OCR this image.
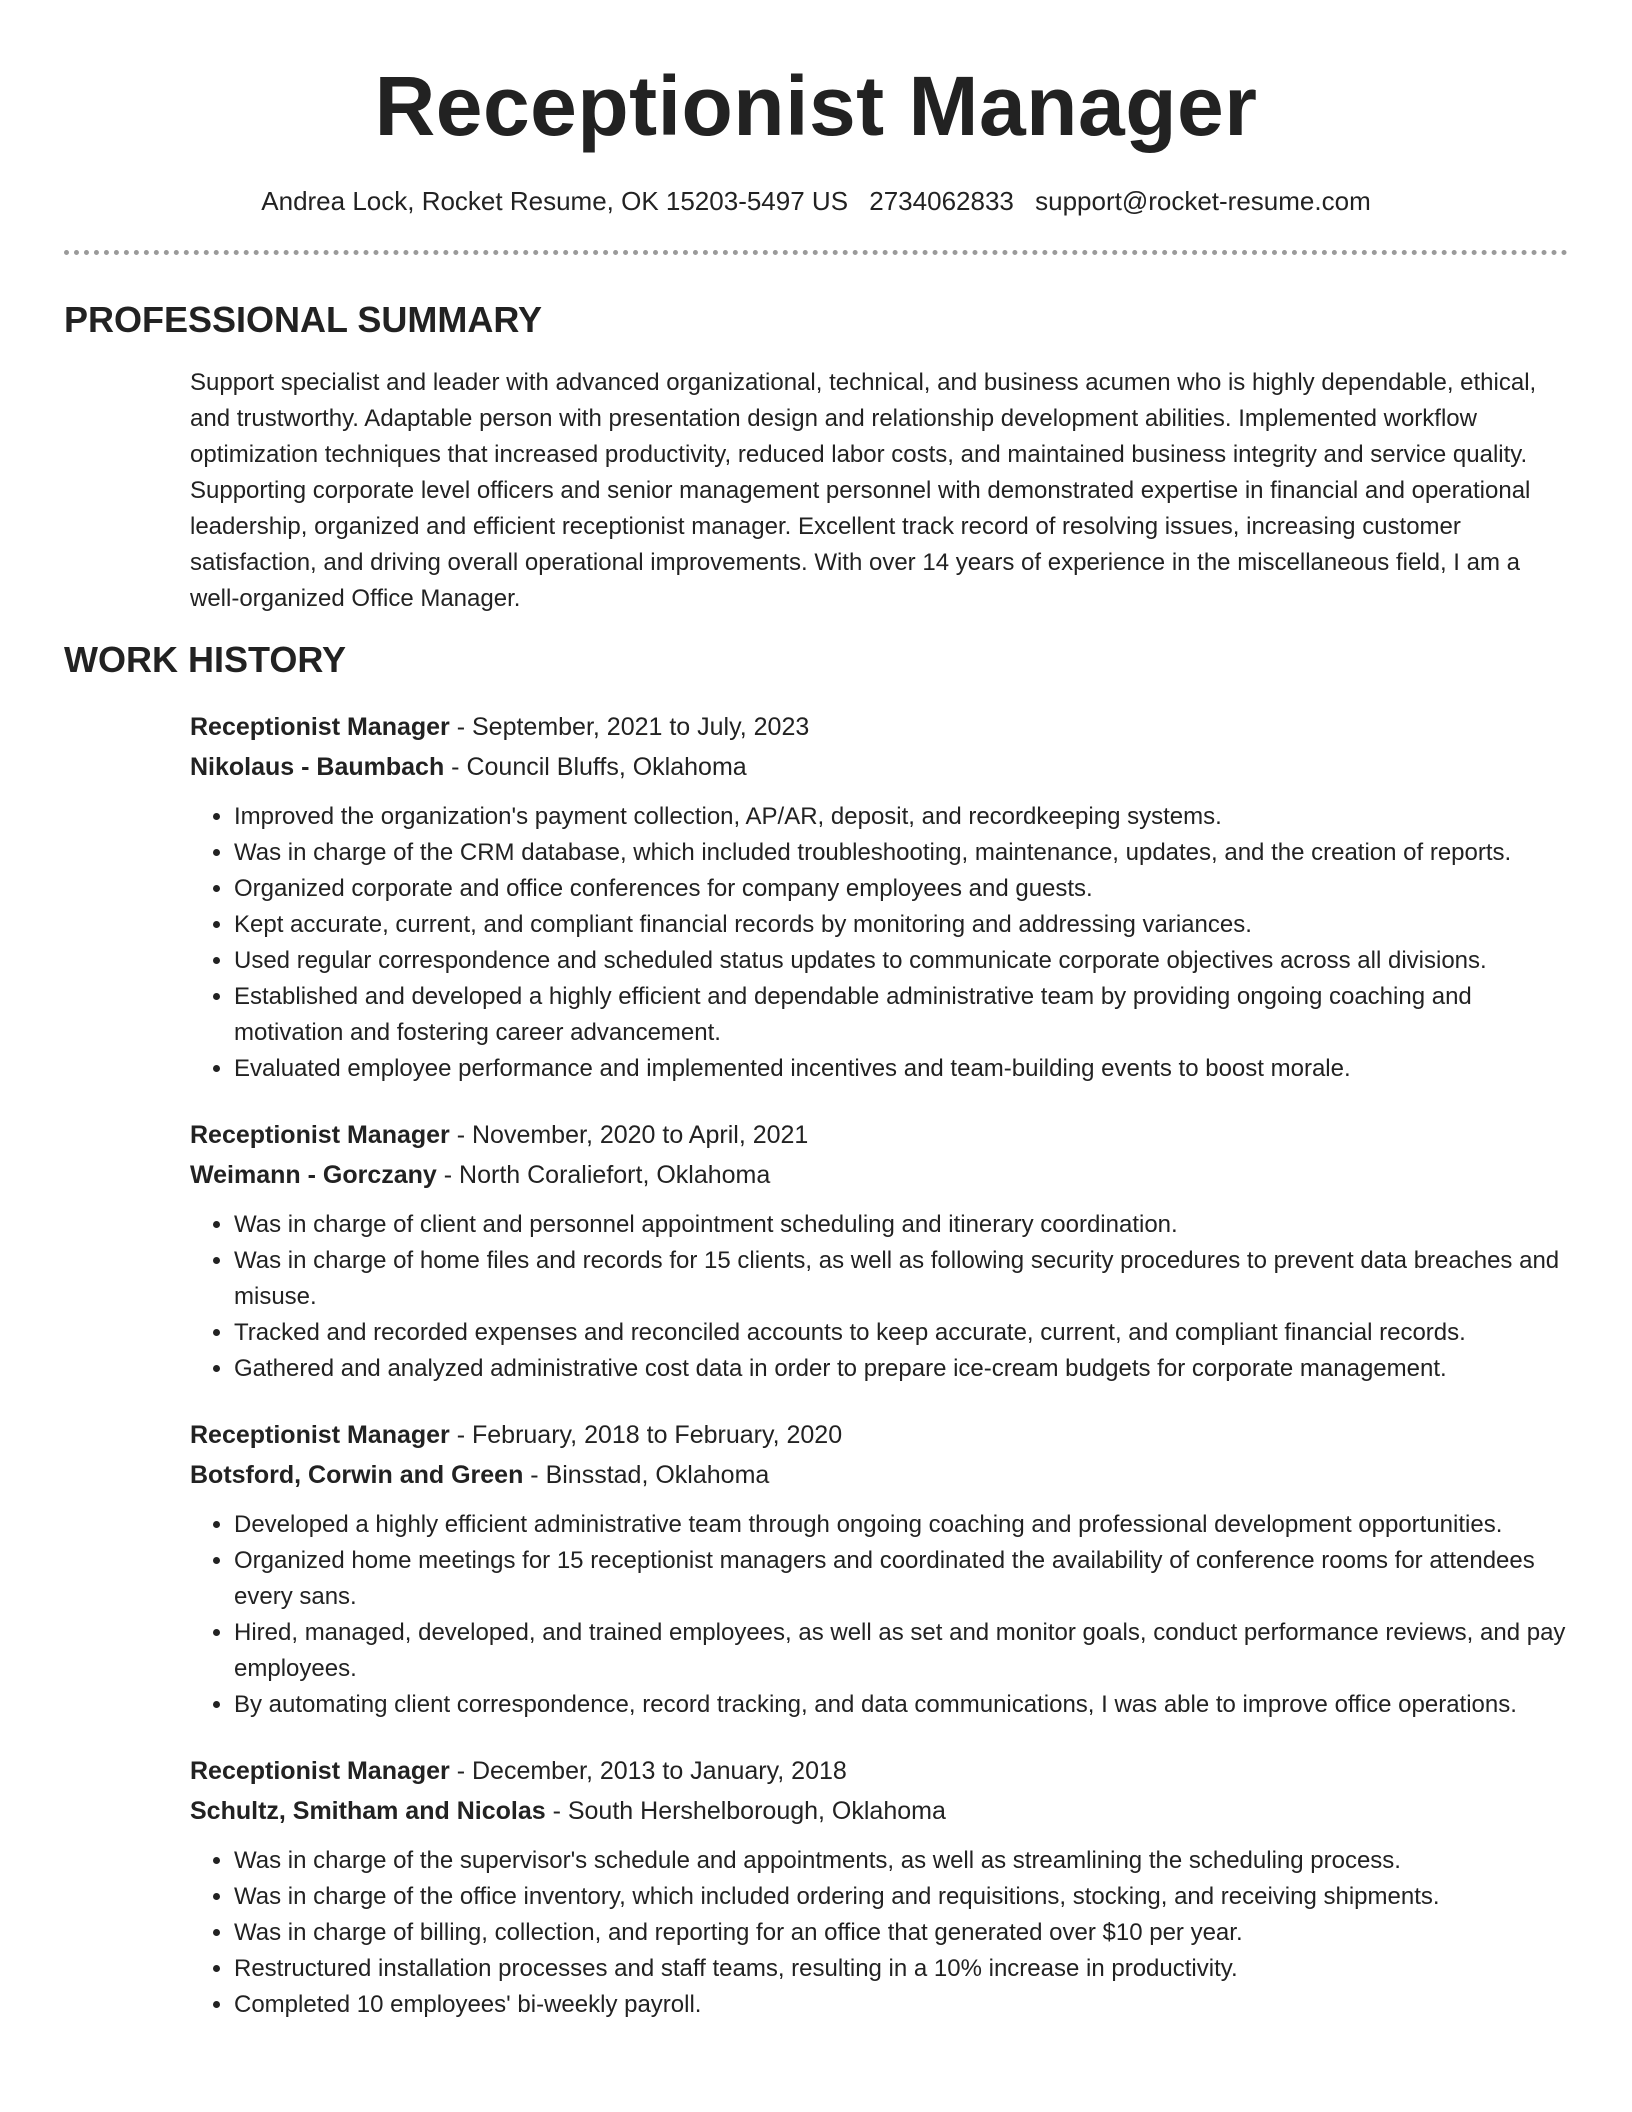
Receptionist Manager
Andrea Lock, Rocket Resume, OK 15203-5497 US 2734062833 support@rocket-resume.com
PROFESSIONAL SUMMARY
Support specialist and leader with advanced organizational, technical, and business acumen who is highly dependable, ethical, and trustworthy. Adaptable person with presentation design and relationship development abilities. Implemented workflow optimization techniques that increased productivity, reduced labor costs, and maintained business integrity and service quality. Supporting corporate level officers and senior management personnel with demonstrated expertise in financial and operational leadership, organized and efficient receptionist manager. Excellent track record of resolving issues, increasing customer satisfaction, and driving overall operational improvements. With over 14 years of experience in the miscellaneous field, I am a well-organized Office Manager.
WORK HISTORY
Receptionist Manager - September, 2021 to July, 2023
Nikolaus - Baumbach - Council Bluffs, Oklahoma
• Improved the organization's payment collection, AP/AR, deposit, and recordkeeping systems.
• Was in charge of the CRM database, which included troubleshooting, maintenance, updates, and the creation of reports.
• Organized corporate and office conferences for company employees and guests.
• Kept accurate, current, and compliant financial records by monitoring and addressing variances.
• Used regular correspondence and scheduled status updates to communicate corporate objectives across all divisions.
• Established and developed a highly efficient and dependable administrative team by providing ongoing coaching and motivation and fostering career advancement.
• Evaluated employee performance and implemented incentives and team-building events to boost morale.
Receptionist Manager - November, 2020 to April, 2021
Weimann - Gorczany - North Coraliefort, Oklahoma
• Was in charge of client and personnel appointment scheduling and itinerary coordination.
• Was in charge of home files and records for 15 clients, as well as following security procedures to prevent data breaches and misuse.
• Tracked and recorded expenses and reconciled accounts to keep accurate, current, and compliant financial records.
• Gathered and analyzed administrative cost data in order to prepare ice-cream budgets for corporate management.
Receptionist Manager - February, 2018 to February, 2020
Botsford, Corwin and Green - Binsstad, Oklahoma
• Developed a highly efficient administrative team through ongoing coaching and professional development opportunities.
• Organized home meetings for 15 receptionist managers and coordinated the availability of conference rooms for attendees every sans.
• Hired, managed, developed, and trained employees, as well as set and monitor goals, conduct performance reviews, and pay employees.
• By automating client correspondence, record tracking, and data communications, I was able to improve office operations.
Receptionist Manager - December, 2013 to January, 2018
Schultz, Smitham and Nicolas - South Hershelborough, Oklahoma
• Was in charge of the supervisor's schedule and appointments, as well as streamlining the scheduling process.
• Was in charge of the office inventory, which included ordering and requisitions, stocking, and receiving shipments.
• Was in charge of billing, collection, and reporting for an office that generated over $10 per year.
• Restructured installation processes and staff teams, resulting in a 10% increase in productivity.
• Completed 10 employees' bi-weekly payroll.
